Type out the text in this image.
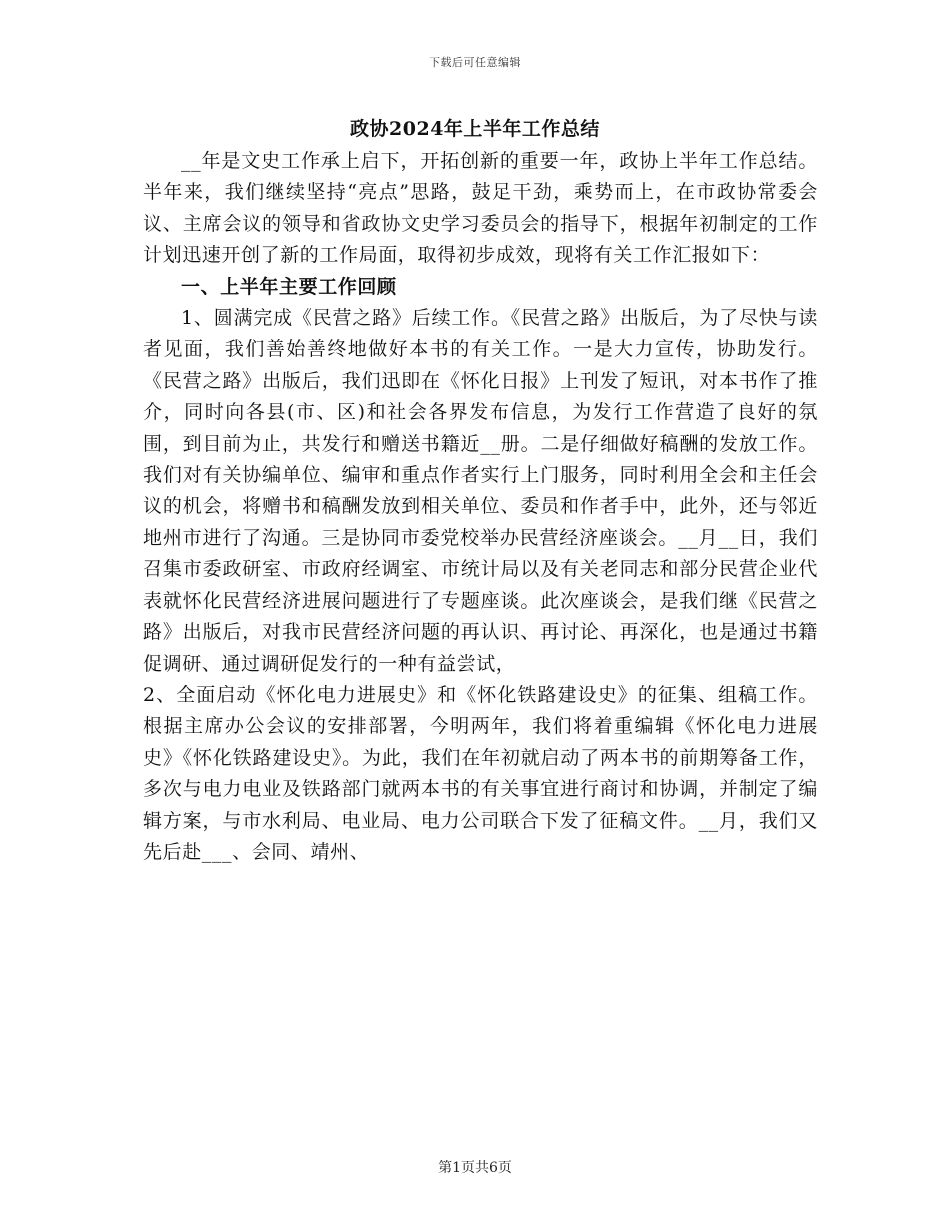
下载后可任意编辑
政协2024年上半年工作总结

__年是文史工作承上启下，开拓创新的重要一年，政协上半年工作总结。半年来，我们继续坚持“亮点”思路，鼓足干劲，乘势而上，在市政协常委会议、主席会议的领导和省政协文史学习委员会的指导下，根据年初制定的工作计划迅速开创了新的工作局面，取得初步成效，现将有关工作汇报如下：

一、上半年主要工作回顾

1、圆满完成《民营之路》后续工作。《民营之路》出版后，为了尽快与读者见面，我们善始善终地做好本书的有关工作。一是大力宣传，协助发行。《民营之路》出版后，我们迅即在《怀化日报》上刊发了短讯，对本书作了推介，同时向各县(市、区)和社会各界发布信息，为发行工作营造了良好的氛围，到目前为止，共发行和赠送书籍近__册。二是仔细做好稿酬的发放工作。我们对有关协编单位、编审和重点作者实行上门服务，同时利用全会和主任会议的机会，将赠书和稿酬发放到相关单位、委员和作者手中，此外，还与邻近地州市进行了沟通。三是协同市委党校举办民营经济座谈会。__月__日，我们召集市委政研室、市政府经调室、市统计局以及有关老同志和部分民营企业代表就怀化民营经济进展问题进行了专题座谈。此次座谈会，是我们继《民营之路》出版后，对我市民营经济问题的再认识、再讨论、再深化，也是通过书籍促调研、通过调研促发行的一种有益尝试，

2、全面启动《怀化电力进展史》和《怀化铁路建设史》的征集、组稿工作。根据主席办公会议的安排部署，今明两年，我们将着重编辑《怀化电力进展史》《怀化铁路建设史》。为此，我们在年初就启动了两本书的前期筹备工作，多次与电力电业及铁路部门就两本书的有关事宜进行商讨和协调，并制定了编辑方案，与市水利局、电业局、电力公司联合下发了征稿文件。__月，我们又先后赴___、会同、靖州、

第1页共6页
